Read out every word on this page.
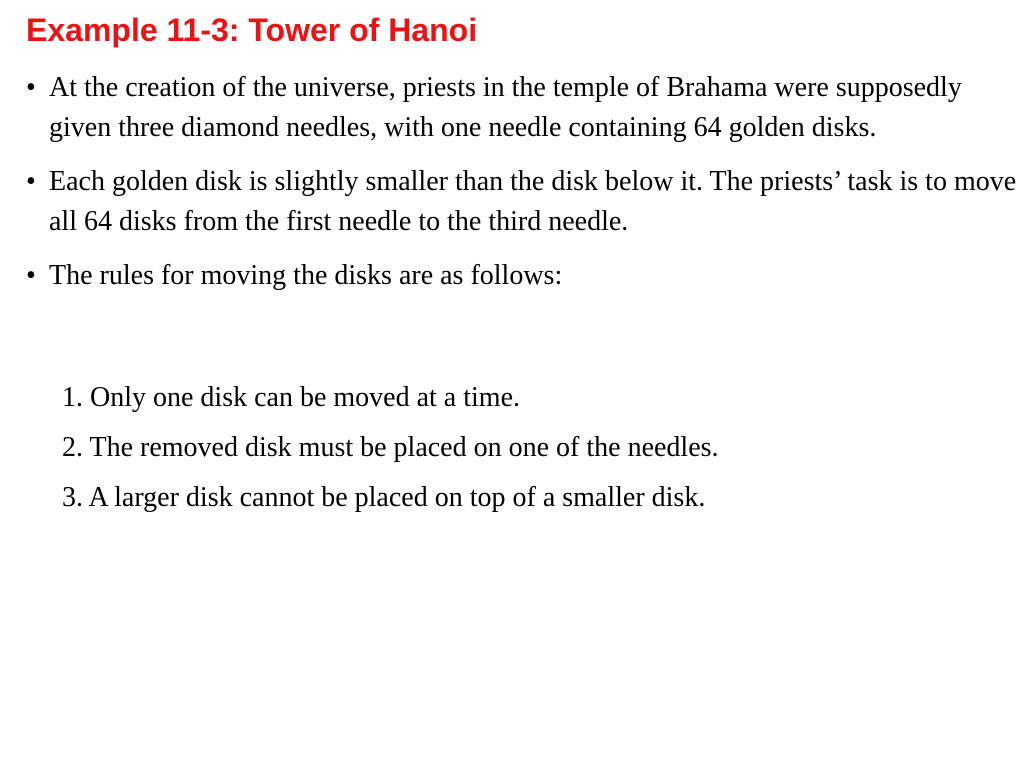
Example 11-3: Tower of Hanoi
• At the creation of the universe, priests in the temple of Brahama were supposedly given three diamond needles, with one needle containing 64 golden disks.
• Each golden disk is slightly smaller than the disk below it. The priests’ task is to move all 64 disks from the first needle to the third needle.
• The rules for moving the disks are as follows:
1. Only one disk can be moved at a time.
2. The removed disk must be placed on one of the needles.
3. A larger disk cannot be placed on top of a smaller disk.
